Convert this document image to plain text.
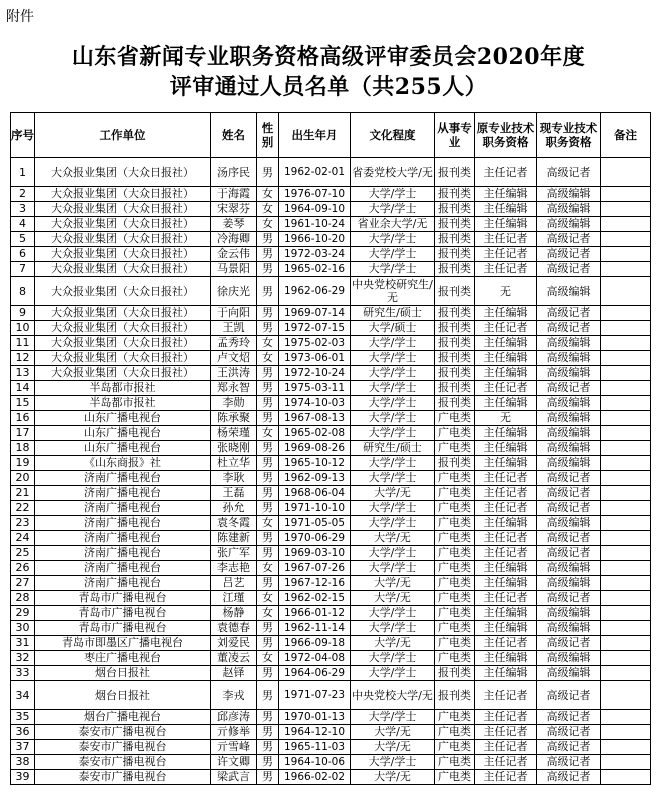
附件
山东省新闻专业职务资格高级评审委员会2020年度
评审通过人员名单（共255人）
序号	工作单位	姓名	性别	出生年月	文化程度	从事专业	原专业技术职务资格	现专业技术职务资格	备注
1	大众报业集团（大众日报社）	汤序民	男	1962-02-01	省委党校大学/无	报刊类	主任记者	高级记者	
2	大众报业集团（大众日报社）	于海霞	女	1976-07-10	大学/学士	报刊类	主任编辑	高级编辑	
3	大众报业集团（大众日报社）	宋翠芬	女	1964-09-10	大学/学士	报刊类	主任编辑	高级编辑	
4	大众报业集团（大众日报社）	姜琴	女	1961-10-24	省业余大学/无	报刊类	主任编辑	高级编辑	
5	大众报业集团（大众日报社）	冷海卿	男	1966-10-20	大学/学士	报刊类	主任记者	高级记者	
6	大众报业集团（大众日报社）	金云伟	男	1972-03-24	大学/学士	报刊类	主任记者	高级记者	
7	大众报业集团（大众日报社）	马景阳	男	1965-02-16	大学/学士	报刊类	主任记者	高级记者	
8	大众报业集团（大众日报社）	徐庆光	男	1962-06-29	中央党校研究生/无	报刊类	无	高级编辑	
9	大众报业集团（大众日报社）	于向阳	男	1969-07-14	研究生/硕士	报刊类	主任编辑	高级记者	
10	大众报业集团（大众日报社）	王凯	男	1972-07-15	大学/硕士	报刊类	主任记者	高级记者	
11	大众报业集团（大众日报社）	孟秀玲	女	1975-02-03	大学/学士	报刊类	主任编辑	高级编辑	
12	大众报业集团（大众日报社）	卢文炤	女	1973-06-01	大学/学士	报刊类	主任编辑	高级编辑	
13	大众报业集团（大众日报社）	王洪涛	男	1972-10-24	大学/学士	报刊类	主任编辑	高级编辑	
14	半岛都市报社	郑永智	男	1975-03-11	大学/学士	报刊类	主任记者	高级记者	
15	半岛都市报社	李勋	男	1974-10-03	大学/学士	报刊类	主任编辑	高级编辑	
16	山东广播电视台	陈承聚	男	1967-08-13	大学/学士	广电类	无	高级编辑	
17	山东广播电视台	杨荣瑾	女	1965-02-08	大学/学士	广电类	主任编辑	高级编辑	
18	山东广播电视台	张晓刚	男	1969-08-26	研究生/硕士	广电类	主任编辑	高级编辑	
19	《山东商报》社	杜立华	男	1965-10-12	大学/学士	报刊类	主任编辑	高级编辑	
20	济南广播电视台	李耿	男	1962-09-13	大学/学士	广电类	主任记者	高级记者	
21	济南广播电视台	王磊	男	1968-06-04	大学/无	广电类	主任记者	高级记者	
22	济南广播电视台	孙允	男	1971-10-10	大学/学士	广电类	主任记者	高级记者	
23	济南广播电视台	袁冬霞	女	1971-05-05	大学/学士	广电类	主任编辑	高级编辑	
24	济南广播电视台	陈建新	男	1970-06-29	大学/无	广电类	主任记者	高级记者	
25	济南广播电视台	张广军	男	1969-03-10	大学/学士	广电类	主任记者	高级记者	
26	济南广播电视台	李志艳	女	1967-07-26	大学/学士	广电类	主任编辑	高级编辑	
27	济南广播电视台	吕艺	男	1967-12-16	大学/无	广电类	主任编辑	高级编辑	
28	青岛市广播电视台	江瑾	女	1962-02-15	大学/无	广电类	主任记者	高级记者	
29	青岛市广播电视台	杨静	女	1966-01-12	大学/学士	广电类	主任编辑	高级编辑	
30	青岛市广播电视台	袁德春	男	1962-11-14	大学/学士	广电类	主任编辑	高级编辑	
31	青岛市即墨区广播电视台	刘爱民	男	1966-09-18	大学/无	广电类	主任记者	高级记者	
32	枣庄广播电视台	董凌云	女	1972-04-08	大学/学士	广电类	主任编辑	高级编辑	
33	烟台日报社	赵铎	男	1964-06-29	大学/学士	报刊类	主任编辑	高级编辑	
34	烟台日报社	李戎	男	1971-07-23	中央党校大学/无	报刊类	主任记者	高级记者	
35	烟台广播电视台	邱彦涛	男	1970-01-13	大学/学士	广电类	主任记者	高级记者	
36	泰安市广播电视台	亓修举	男	1964-12-10	大学/无	广电类	主任记者	高级记者	
37	泰安市广播电视台	亓雪峰	男	1965-11-03	大学/无	广电类	主任记者	高级记者	
38	泰安市广播电视台	许文卿	男	1964-10-06	大学/学士	广电类	主任记者	高级记者	
39	泰安市广播电视台	梁武言	男	1966-02-02	大学/无	广电类	主任记者	高级记者	
